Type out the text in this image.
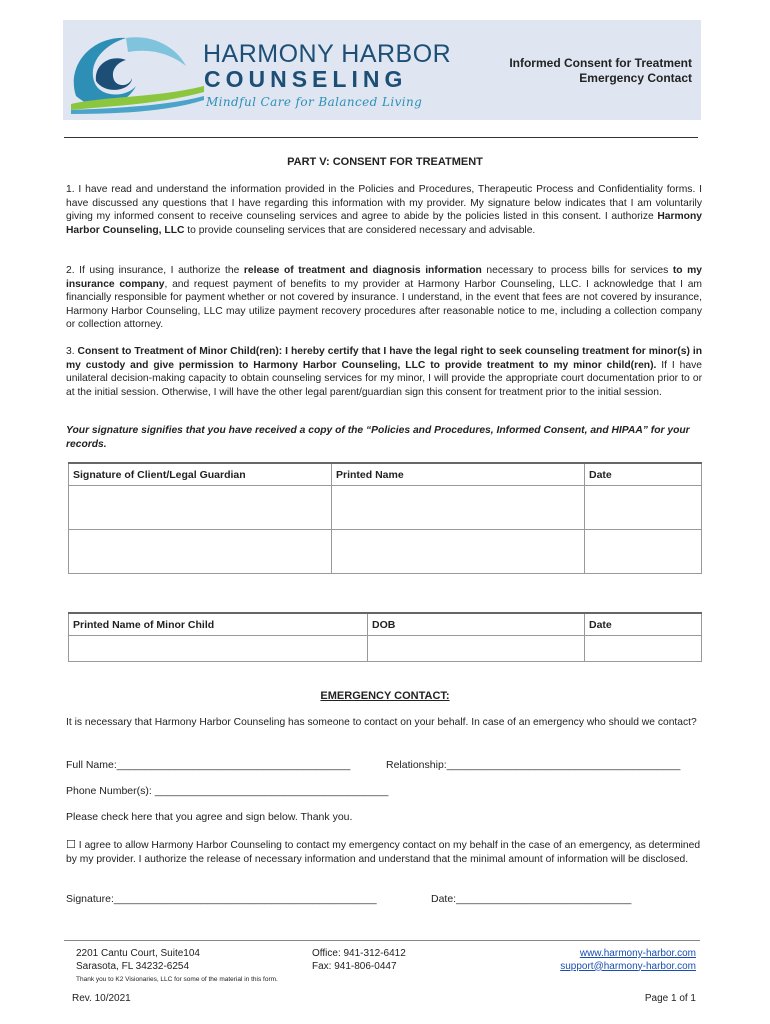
HARMONY HARBOR
COUNSELING
Mindful Care for Balanced Living
Informed Consent for Treatment
Emergency Contact
PART V: CONSENT FOR TREATMENT
1. I have read and understand the information provided in the Policies and Procedures, Therapeutic Process and Confidentiality forms. I have discussed any questions that I have regarding this information with my provider. My signature below indicates that I am voluntarily giving my informed consent to receive counseling services and agree to abide by the policies listed in this consent. I authorize Harmony Harbor Counseling, LLC to provide counseling services that are considered necessary and advisable.
2. If using insurance, I authorize the release of treatment and diagnosis information necessary to process bills for services to my insurance company, and request payment of benefits to my provider at Harmony Harbor Counseling, LLC. I acknowledge that I am financially responsible for payment whether or not covered by insurance. I understand, in the event that fees are not covered by insurance, Harmony Harbor Counseling, LLC may utilize payment recovery procedures after reasonable notice to me, including a collection company or collection attorney.
3. Consent to Treatment of Minor Child(ren): I hereby certify that I have the legal right to seek counseling treatment for minor(s) in my custody and give permission to Harmony Harbor Counseling, LLC to provide treatment to my minor child(ren). If I have unilateral decision-making capacity to obtain counseling services for my minor, I will provide the appropriate court documentation prior to or at the initial session. Otherwise, I will have the other legal parent/guardian sign this consent for treatment prior to the initial session.
Your signature signifies that you have received a copy of the “Policies and Procedures, Informed Consent, and HIPAA” for your records.
Signature of Client/Legal Guardian	Printed Name	Date

Printed Name of Minor Child	DOB	Date

EMERGENCY CONTACT:
It is necessary that Harmony Harbor Counseling has someone to contact on your behalf. In case of an emergency who should we contact?
Full Name:________________________________________	Relationship:________________________________________
Phone Number(s): ________________________________________
Please check here that you agree and sign below. Thank you.
☐ I agree to allow Harmony Harbor Counseling to contact my emergency contact on my behalf in the case of an emergency, as determined by my provider. I authorize the release of necessary information and understand that the minimal amount of information will be disclosed.
Signature:_____________________________________________	Date:______________________________
2201 Cantu Court, Suite104
Sarasota, FL 34232-6254
Office: 941-312-6412
Fax: 941-806-0447
www.harmony-harbor.com
support@harmony-harbor.com
Thank you to K2 Visionaries, LLC for some of the material in this form.
Rev. 10/2021	Page 1 of 1
